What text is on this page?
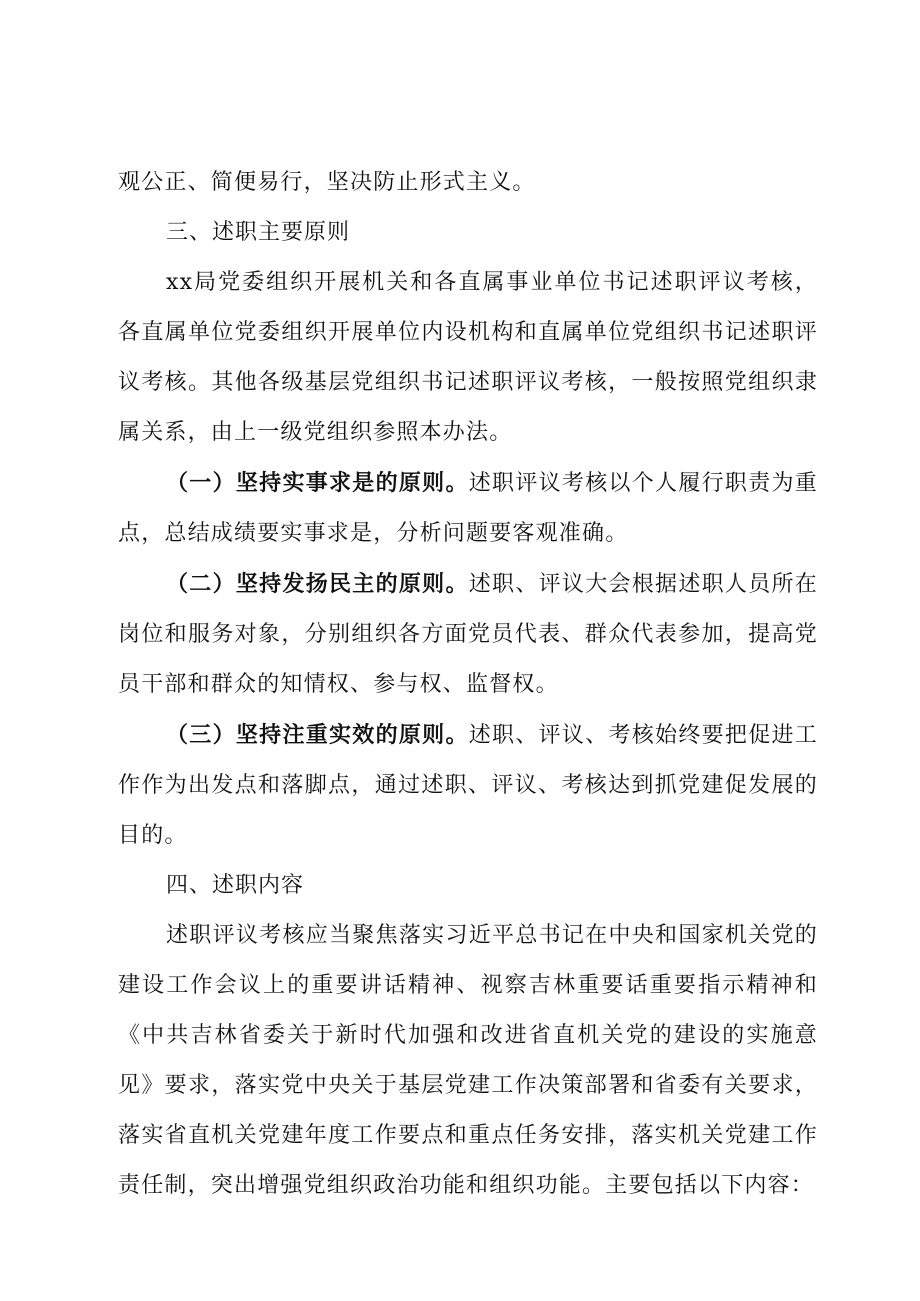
观公正、简便易行，坚决防止形式主义。

三、述职主要原则

xx局党委组织开展机关和各直属事业单位书记述职评议考核，各直属单位党委组织开展单位内设机构和直属单位党组织书记述职评议考核。其他各级基层党组织书记述职评议考核，一般按照党组织隶属关系，由上一级党组织参照本办法。

（一）坚持实事求是的原则。述职评议考核以个人履行职责为重点，总结成绩要实事求是，分析问题要客观准确。

（二）坚持发扬民主的原则。述职、评议大会根据述职人员所在岗位和服务对象，分别组织各方面党员代表、群众代表参加，提高党员干部和群众的知情权、参与权、监督权。

（三）坚持注重实效的原则。述职、评议、考核始终要把促进工作作为出发点和落脚点，通过述职、评议、考核达到抓党建促发展的目的。

四、述职内容

述职评议考核应当聚焦落实习近平总书记在中央和国家机关党的建设工作会议上的重要讲话精神、视察吉林重要话重要指示精神和《中共吉林省委关于新时代加强和改进省直机关党的建设的实施意见》要求，落实党中央关于基层党建工作决策部署和省委有关要求，落实省直机关党建年度工作要点和重点任务安排，落实机关党建工作责任制，突出增强党组织政治功能和组织功能。主要包括以下内容：
